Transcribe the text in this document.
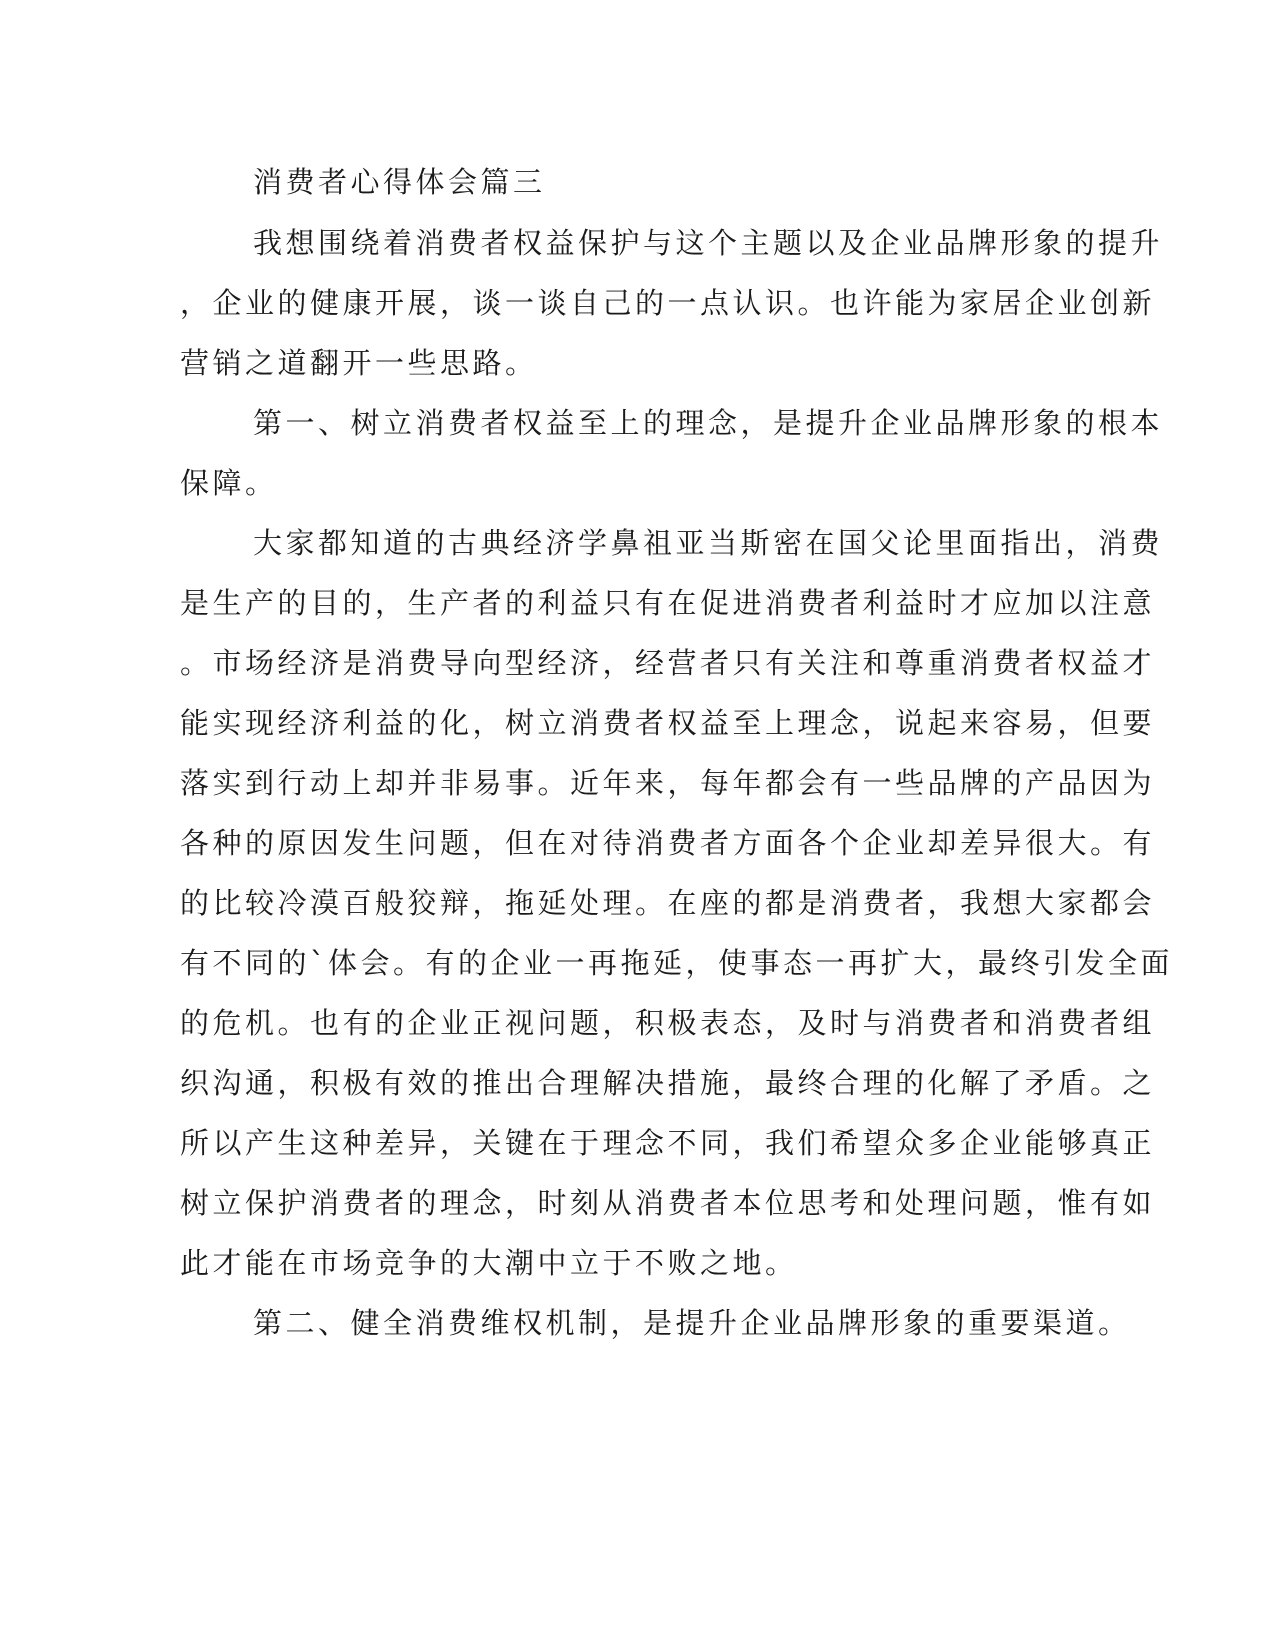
消费者心得体会篇三

我想围绕着消费者权益保护与这个主题以及企业品牌形象的提升

，企业的健康开展，谈一谈自己的一点认识。也许能为家居企业创新

营销之道翻开一些思路。

第一、树立消费者权益至上的理念，是提升企业品牌形象的根本

保障。

大家都知道的古典经济学鼻祖亚当斯密在国父论里面指出，消费

是生产的目的，生产者的利益只有在促进消费者利益时才应加以注意

。市场经济是消费导向型经济，经营者只有关注和尊重消费者权益才

能实现经济利益的化，树立消费者权益至上理念，说起来容易，但要

落实到行动上却并非易事。近年来，每年都会有一些品牌的产品因为

各种的原因发生问题，但在对待消费者方面各个企业却差异很大。有

的比较冷漠百般狡辩，拖延处理。在座的都是消费者，我想大家都会

有不同的`体会。有的企业一再拖延，使事态一再扩大，最终引发全面

的危机。也有的企业正视问题，积极表态，及时与消费者和消费者组

织沟通，积极有效的推出合理解决措施，最终合理的化解了矛盾。之

所以产生这种差异，关键在于理念不同，我们希望众多企业能够真正

树立保护消费者的理念，时刻从消费者本位思考和处理问题，惟有如

此才能在市场竞争的大潮中立于不败之地。

第二、健全消费维权机制，是提升企业品牌形象的重要渠道。
